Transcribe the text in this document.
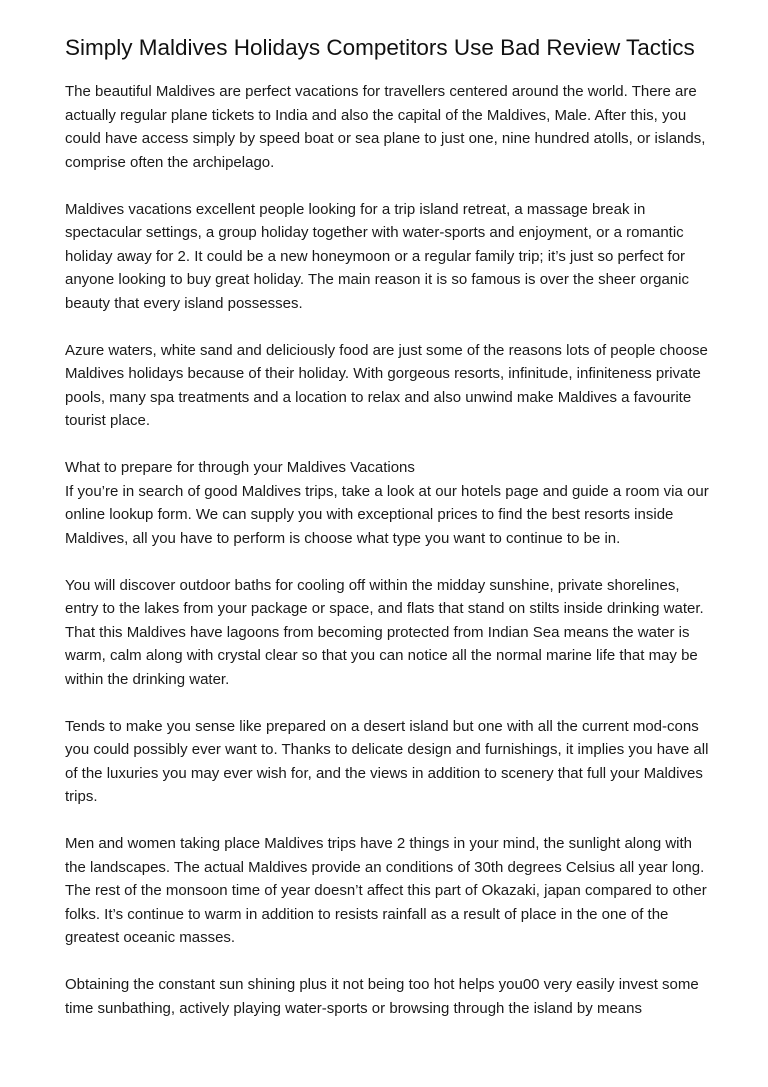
Simply Maldives Holidays Competitors Use Bad Review Tactics

The beautiful Maldives are perfect vacations for travellers centered around the world. There are actually regular plane tickets to India and also the capital of the Maldives, Male. After this, you could have access simply by speed boat or sea plane to just one, nine hundred atolls, or islands, comprise often the archipelago.

Maldives vacations excellent people looking for a trip island retreat, a massage break in spectacular settings, a group holiday together with water-sports and enjoyment, or a romantic holiday away for 2. It could be a new honeymoon or a regular family trip; it’s just so perfect for anyone looking to buy great holiday. The main reason it is so famous is over the sheer organic beauty that every island possesses.

Azure waters, white sand and deliciously food are just some of the reasons lots of people choose Maldives holidays because of their holiday. With gorgeous resorts, infinitude, infiniteness private pools, many spa treatments and a location to relax and also unwind make Maldives a favourite tourist place.

What to prepare for through your Maldives Vacations
If you’re in search of good Maldives trips, take a look at our hotels page and guide a room via our online lookup form. We can supply you with exceptional prices to find the best resorts inside Maldives, all you have to perform is choose what type you want to continue to be in.

You will discover outdoor baths for cooling off within the midday sunshine, private shorelines, entry to the lakes from your package or space, and flats that stand on stilts inside drinking water. That this Maldives have lagoons from becoming protected from Indian Sea means the water is warm, calm along with crystal clear so that you can notice all the normal marine life that may be within the drinking water.

Tends to make you sense like prepared on a desert island but one with all the current mod-cons you could possibly ever want to. Thanks to delicate design and furnishings, it implies you have all of the luxuries you may ever wish for, and the views in addition to scenery that full your Maldives trips.

Men and women taking place Maldives trips have 2 things in your mind, the sunlight along with the landscapes. The actual Maldives provide an conditions of 30th degrees Celsius all year long. The rest of the monsoon time of year doesn’t affect this part of Okazaki, japan compared to other folks. It’s continue to warm in addition to resists rainfall as a result of place in the one of the greatest oceanic masses.

Obtaining the constant sun shining plus it not being too hot helps you00 very easily invest some time sunbathing, actively playing water-sports or browsing through the island by means
